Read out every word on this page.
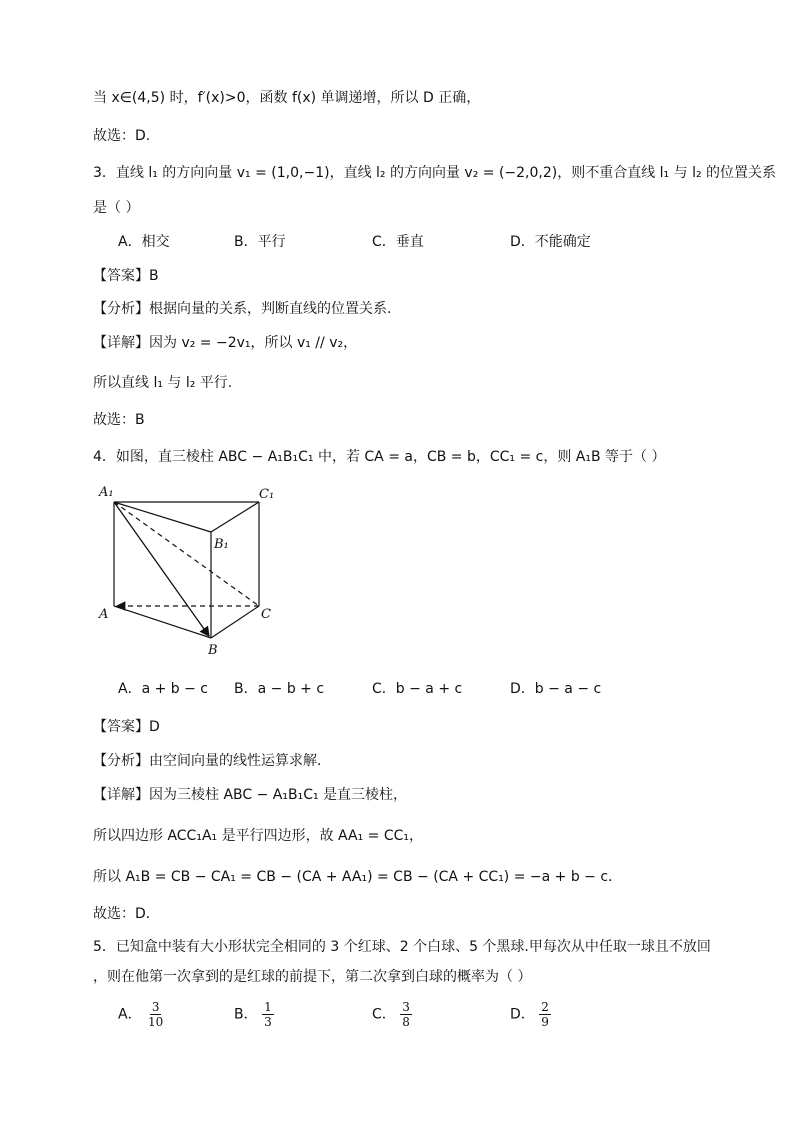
当 x∈(4,5) 时，f′(x)>0，函数 f(x) 单调递增，所以 D 正确，
故选：D.
3．直线 l₁ 的方向向量 v₁ = (1,0,−1)，直线 l₂ 的方向向量 v₂ = (−2,0,2)，则不重合直线 l₁ 与 l₂ 的位置关系
是（ ）
A．相交	B．平行	C．垂直	D．不能确定
【答案】B
【分析】根据向量的关系，判断直线的位置关系.
【详解】因为 v₂ = −2v₁，所以 v₁ // v₂，
所以直线 l₁ 与 l₂ 平行.
故选：B
4．如图，直三棱柱 ABC − A₁B₁C₁ 中，若 CA = a，CB = b，CC₁ = c，则 A₁B 等于（ ）
A₁	C₁
B₁
A	C
B
A．a + b − c B．a − b + c	C．b − a + c	D．b − a − c
【答案】D
【分析】由空间向量的线性运算求解．
【详解】因为三棱柱 ABC − A₁B₁C₁ 是直三棱柱，
所以四边形 ACC₁A₁ 是平行四边形，故 AA₁ = CC₁，
所以 A₁B = CB − CA₁ = CB − (CA + AA₁) = CB − (CA + CC₁) = −a + b − c．
故选：D．
5．已知盒中装有大小形状完全相同的 3 个红球、2 个白球、5 个黑球.甲每次从中任取一球且不放回
，则在他第一次拿到的是红球的前提下，第二次拿到白球的概率为（ ）
A． $\frac{3}{10}$	B． $\frac{1}{3}$	C． $\frac{3}{8}$	D． $\frac{2}{9}$
